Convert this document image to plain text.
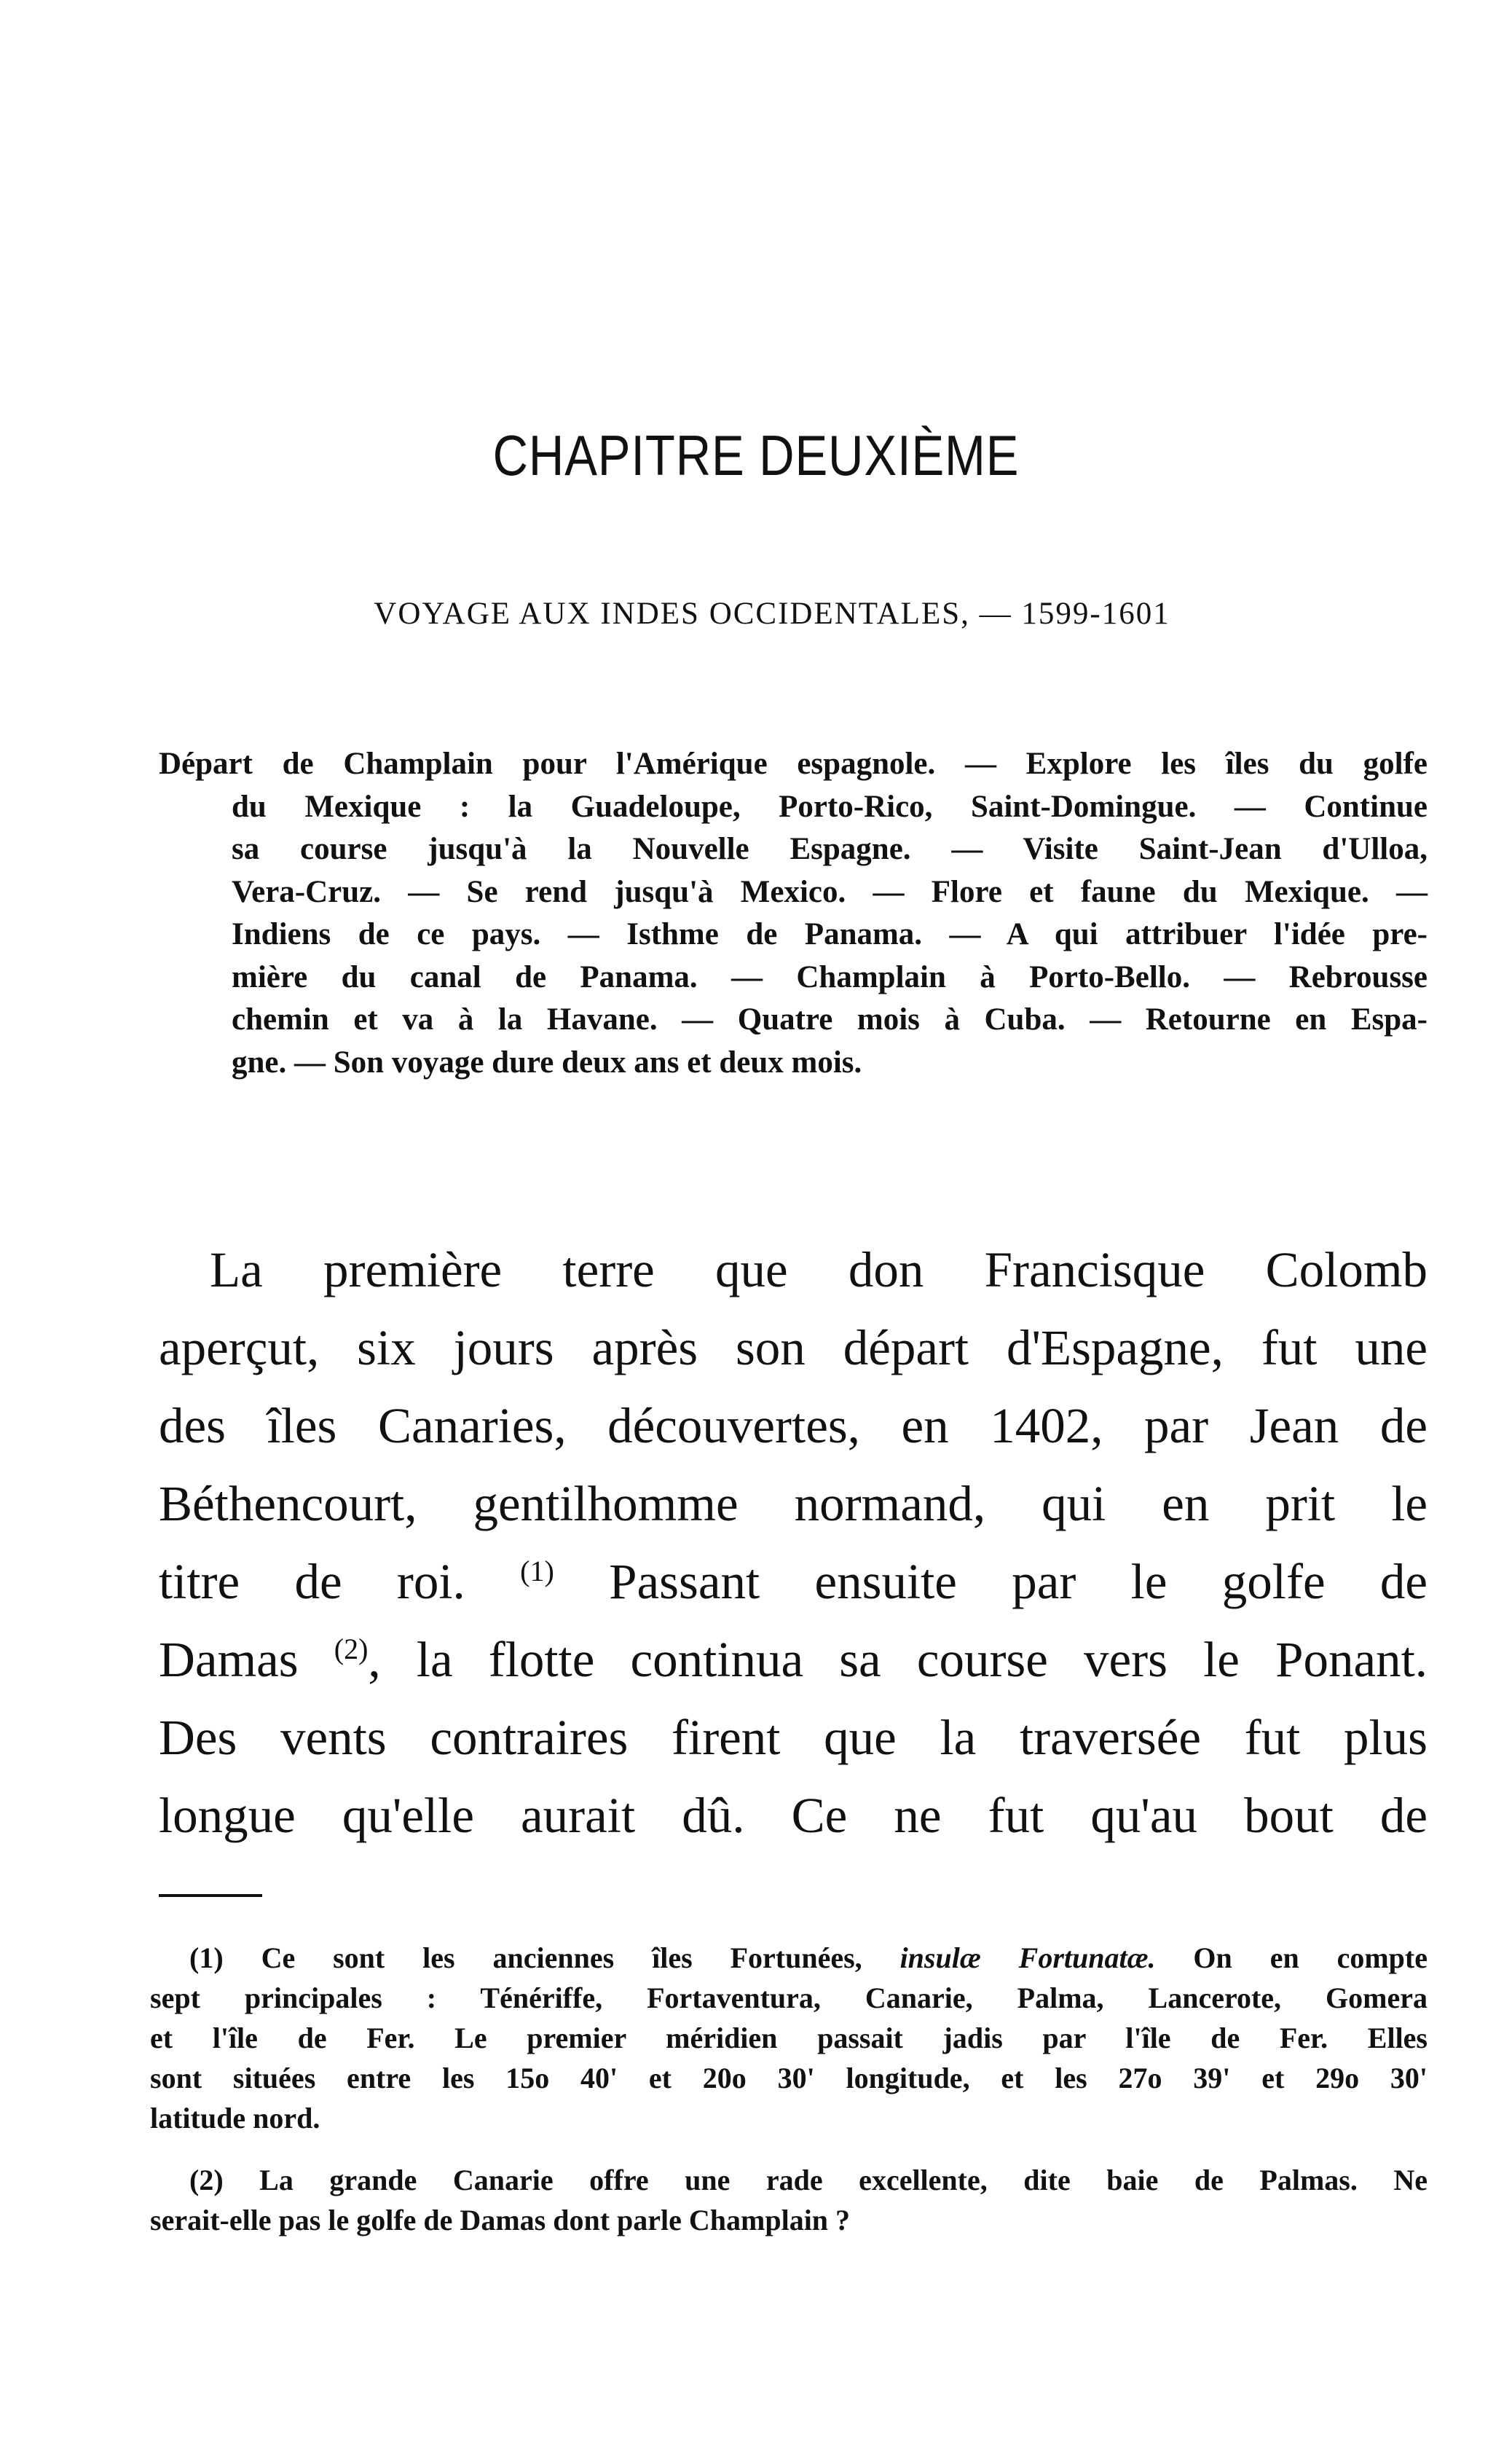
CHAPITRE DEUXIÈME
VOYAGE AUX INDES OCCIDENTALES, — 1599-1601
Départ de Champlain pour l'Amérique espagnole. — Explore les îles du golfe
du Mexique : la Guadeloupe, Porto-Rico, Saint-Domingue. — Continue
sa course jusqu'à la Nouvelle Espagne. — Visite Saint-Jean d'Ulloa,
Vera-Cruz. — Se rend jusqu'à Mexico. — Flore et faune du Mexique. —
Indiens de ce pays. — Isthme de Panama. — A qui attribuer l'idée pre-
mière du canal de Panama. — Champlain à Porto-Bello. — Rebrousse
chemin et va à la Havane. — Quatre mois à Cuba. — Retourne en Espa-
gne. — Son voyage dure deux ans et deux mois.
La première terre que don Francisque Colomb
aperçut, six jours après son départ d'Espagne, fut une
des îles Canaries, découvertes, en 1402, par Jean de
Béthencourt, gentilhomme normand, qui en prit le
titre de roi. $^{(1)}$ Passant ensuite par le golfe de
Damas $^{(2)}$, la flotte continua sa course vers le Ponant.
Des vents contraires firent que la traversée fut plus
longue qu'elle aurait dû. Ce ne fut qu'au bout de
(1) Ce sont les anciennes îles Fortunées, insulæ Fortunatæ. On en compte
sept principales : Ténériffe, Fortaventura, Canarie, Palma, Lancerote, Gomera
et l'île de Fer. Le premier méridien passait jadis par l'île de Fer. Elles
sont situées entre les 15o 40' et 20o 30' longitude, et les 27o 39' et 29o 30'
latitude nord.
(2) La grande Canarie offre une rade excellente, dite baie de Palmas. Ne
serait-elle pas le golfe de Damas dont parle Champlain ?
